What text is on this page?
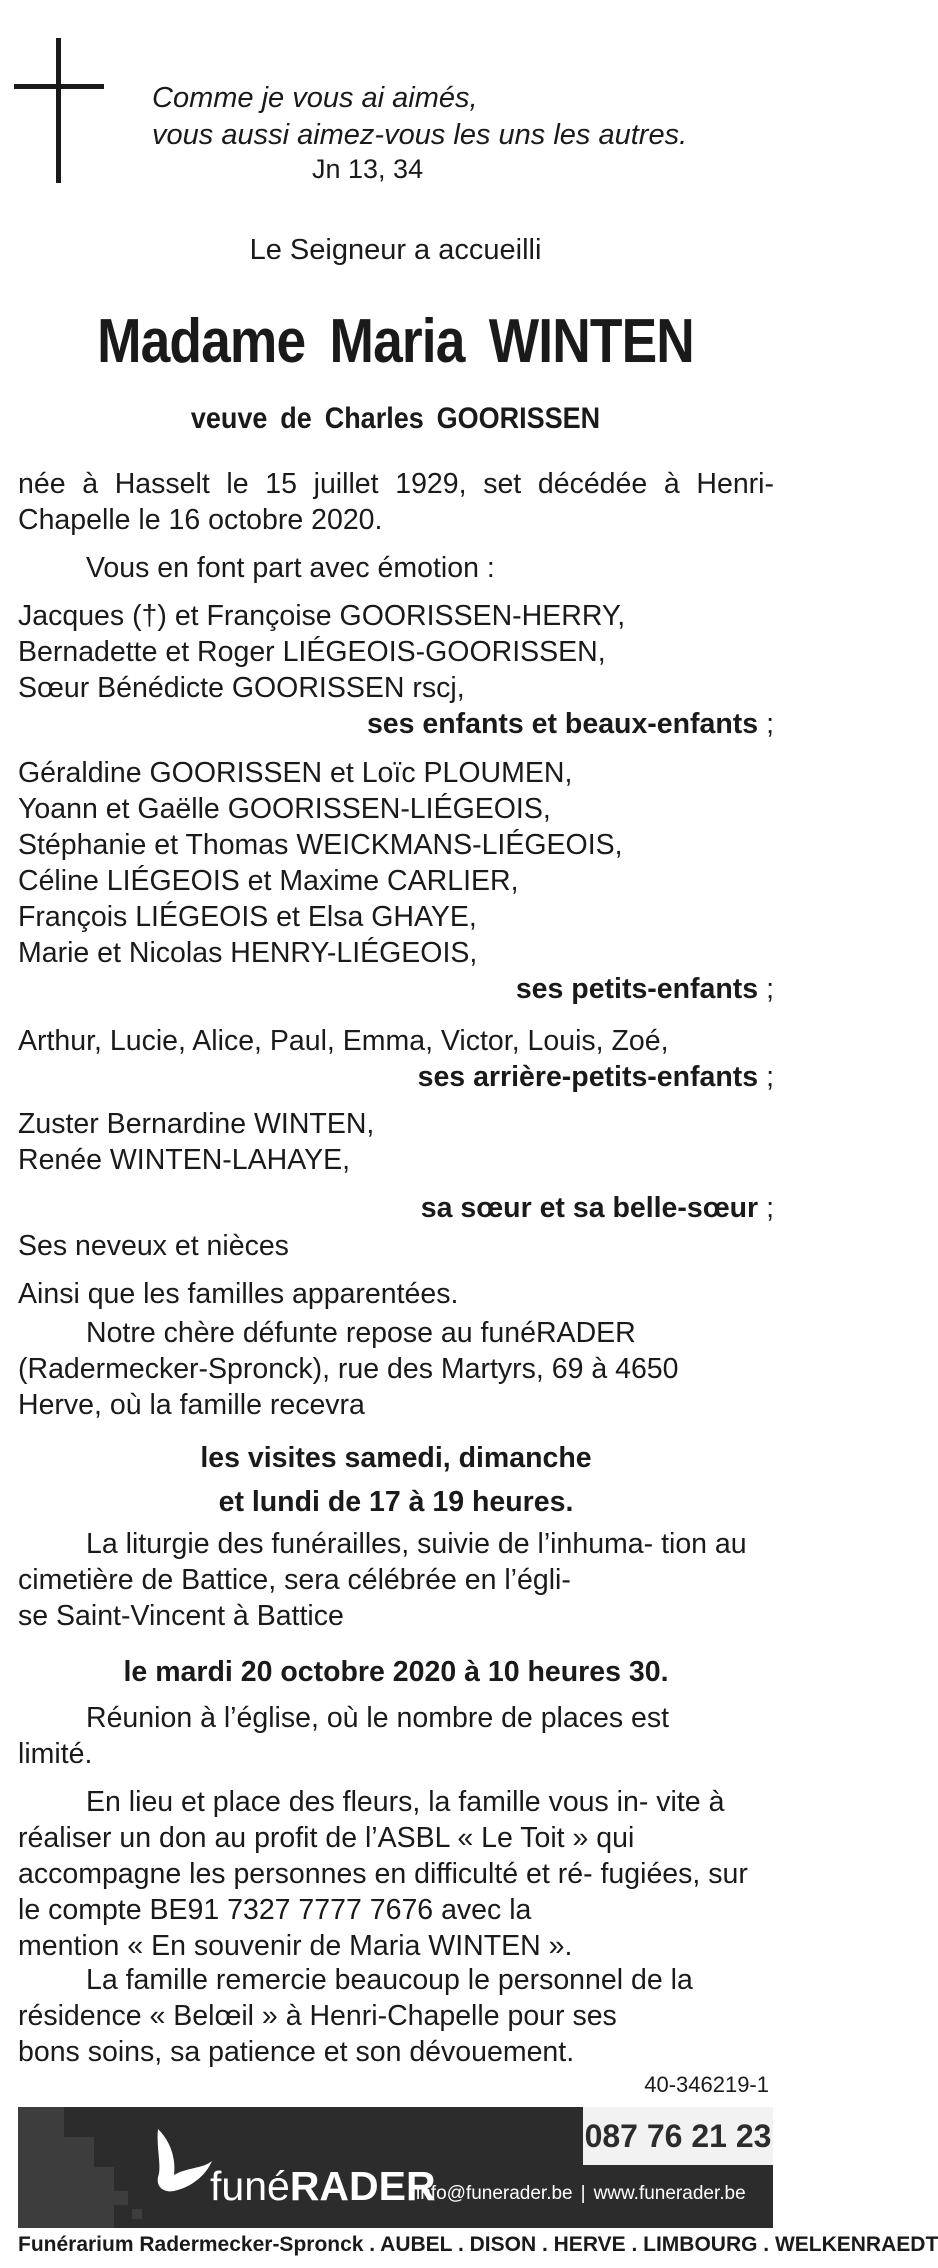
Comme je vous ai aimés,
vous aussi aimez-vous les uns les autres.
Jn 13, 34
Le Seigneur a accueilli
Madame Maria WINTEN
veuve de Charles GOORISSEN
née à Hasselt le 15 juillet 1929, set décédée à Henri-
Chapelle le 16 octobre 2020.
Vous en font part avec émotion :
Jacques (†) et Françoise GOORISSEN-HERRY,
Bernadette et Roger LIÉGEOIS-GOORISSEN,
Sœur Bénédicte GOORISSEN rscj,
ses enfants et beaux-enfants ;
Géraldine GOORISSEN et Loïc PLOUMEN,
Yoann et Gaëlle GOORISSEN-LIÉGEOIS,
Stéphanie et Thomas WEICKMANS-LIÉGEOIS,
Céline LIÉGEOIS et Maxime CARLIER,
François LIÉGEOIS et Elsa GHAYE,
Marie et Nicolas HENRY-LIÉGEOIS,
ses petits-enfants ;
Arthur, Lucie, Alice, Paul, Emma, Victor, Louis, Zoé,
ses arrière-petits-enfants ;
Zuster Bernardine WINTEN,
Renée WINTEN-LAHAYE,
sa sœur et sa belle-sœur ;
Ses neveux et nièces
Ainsi que les familles apparentées.
Notre chère défunte repose au funéRADER (Radermecker-Spronck), rue des Martyrs, 69 à 4650
Herve, où la famille recevra
les visites samedi, dimanche
et lundi de 17 à 19 heures.
La liturgie des funérailles, suivie de l’inhuma- tion au cimetière de Battice, sera célébrée en l’égli-
se Saint-Vincent à Battice
le mardi 20 octobre 2020 à 10 heures 30.
Réunion à l’église, où le nombre de places est
limité.
En lieu et place des fleurs, la famille vous in- vite à réaliser un don au profit de l’ASBL « Le Toit » qui accompagne les personnes en difficulté et ré- fugiées, sur le compte BE91 7327 7777 7676 avec la
mention « En souvenir de Maria WINTEN ».
La famille remercie beaucoup le personnel de la résidence « Belœil » à Henri-Chapelle pour ses
bons soins, sa patience et son dévouement.
40-346219-1
funéRADER
087 76 21 23
info@funerader.be | www.funerader.be
Funérarium Radermecker-Spronck . AUBEL . DISON . HERVE . LIMBOURG . WELKENRAEDT
